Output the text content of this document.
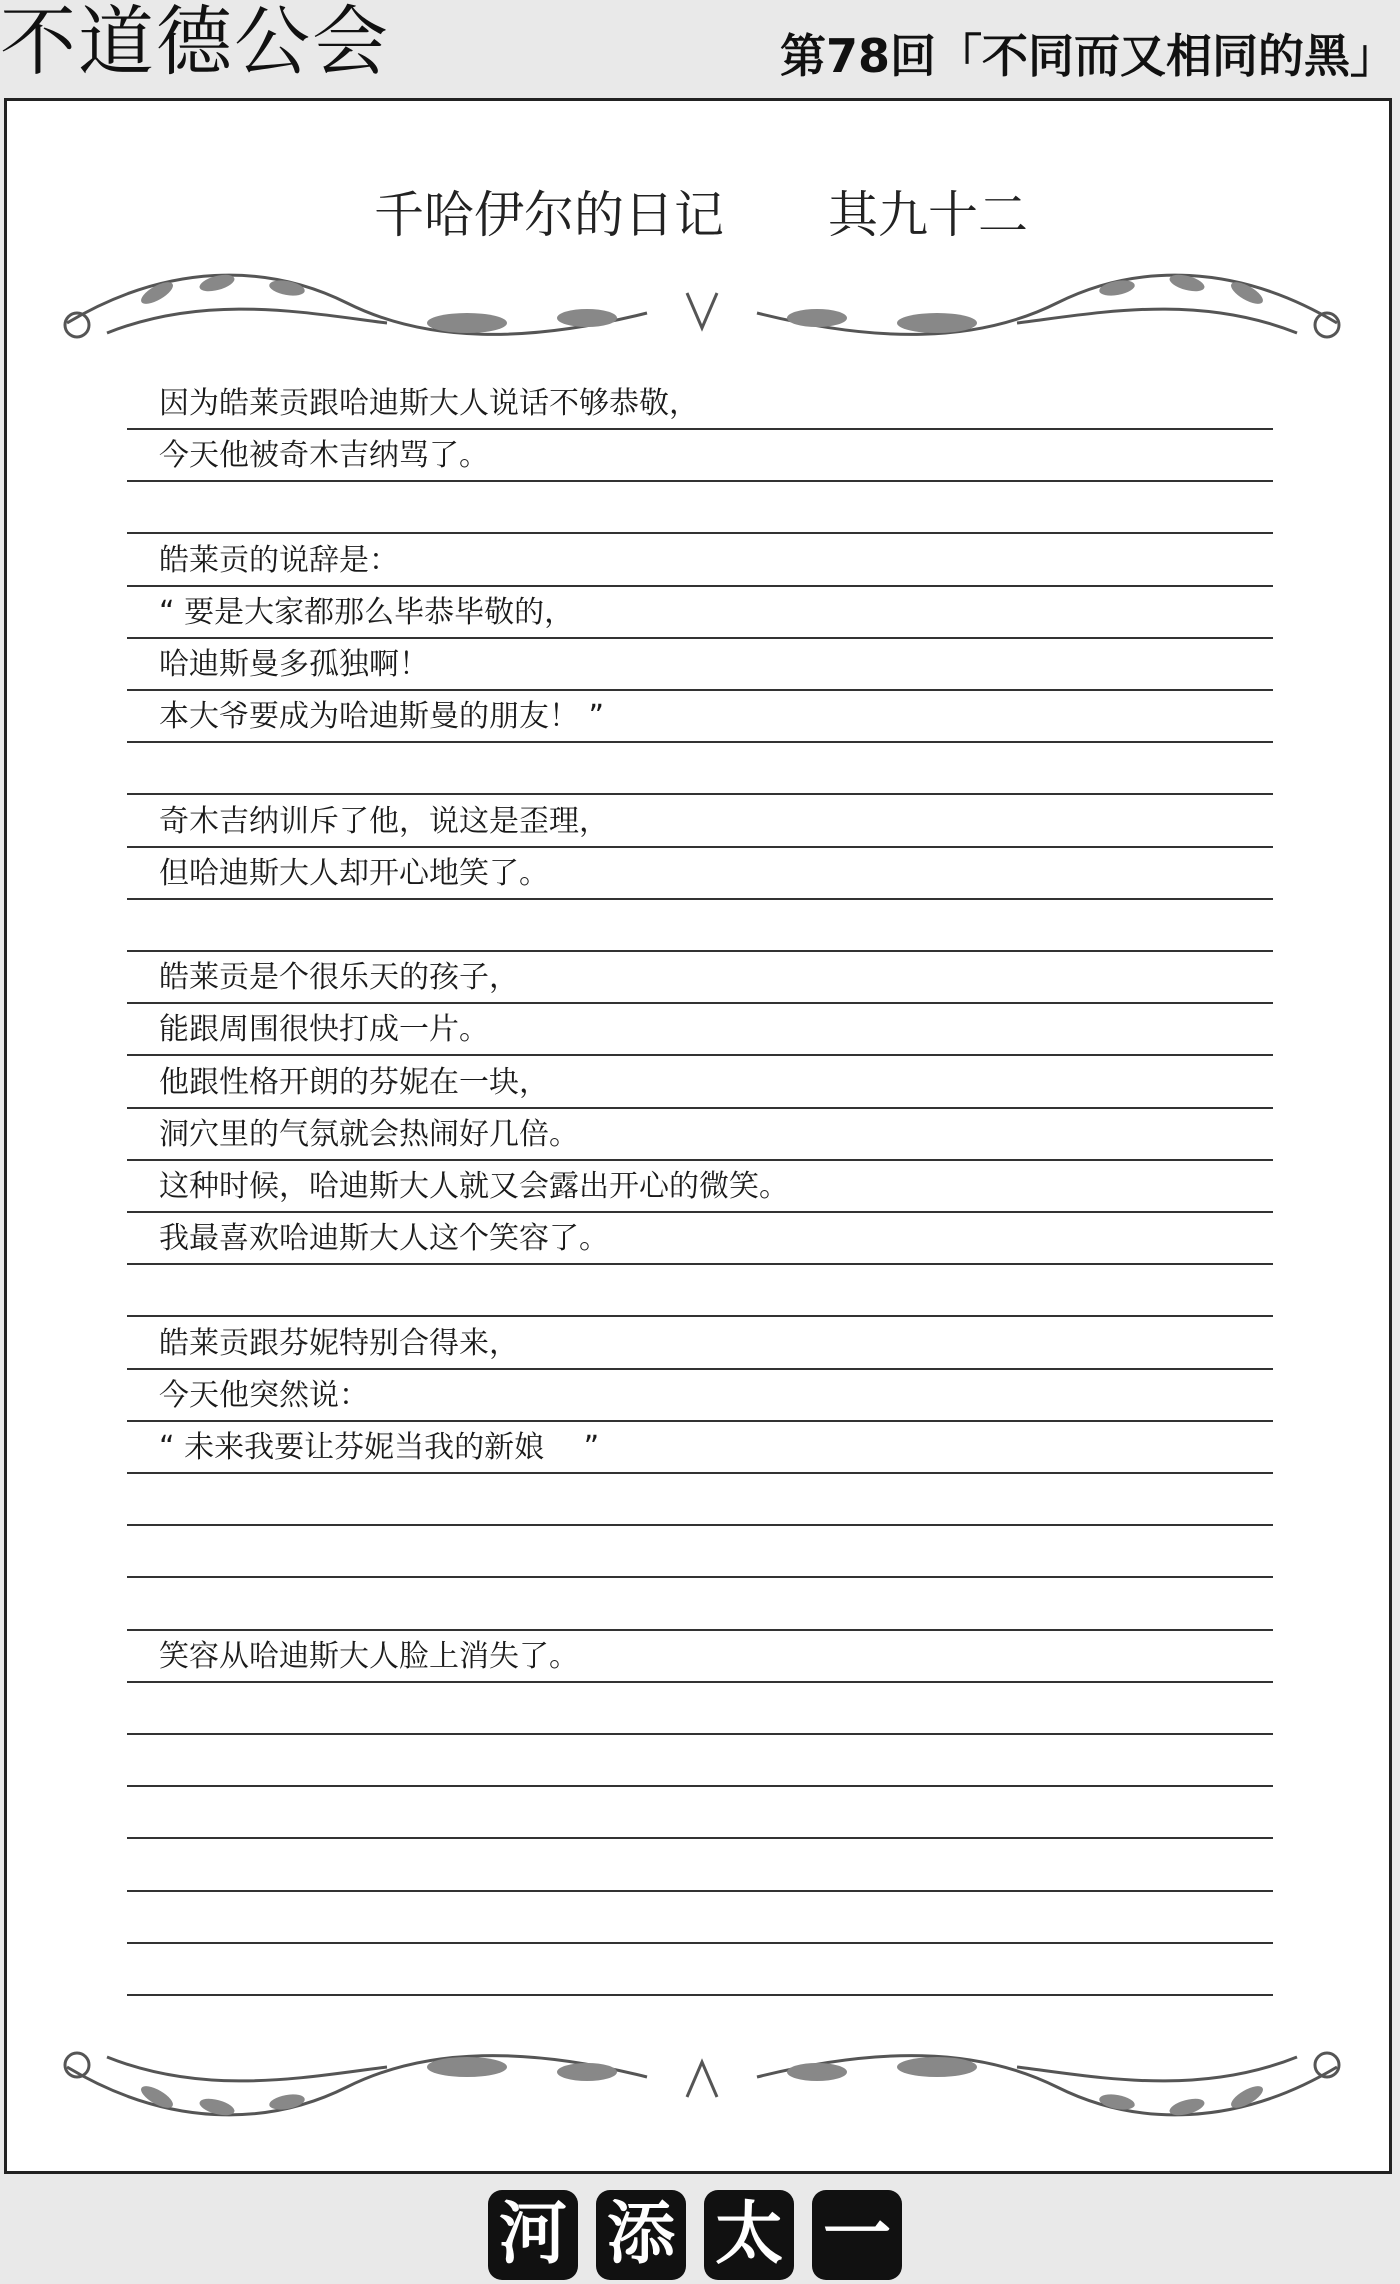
不道德公会	第78回「不同而又相同的黑」
千哈伊尔的日记 其九十二
因为皓莱贡跟哈迪斯大人说话不够恭敬，
今天他被奇木吉纳骂了。
皓莱贡的说辞是：
“ 要是大家都那么毕恭毕敬的，
哈迪斯曼多孤独啊！
本大爷要成为哈迪斯曼的朋友！ ”
奇木吉纳训斥了他，说这是歪理，
但哈迪斯大人却开心地笑了。
皓莱贡是个很乐天的孩子，
能跟周围很快打成一片。
他跟性格开朗的芬妮在一块，
洞穴里的气氛就会热闹好几倍。
这种时候，哈迪斯大人就又会露出开心的微笑。
我最喜欢哈迪斯大人这个笑容了。
皓莱贡跟芬妮特别合得来，
今天他突然说：
“ 未来我要让芬妮当我的新娘　 ”
笑容从哈迪斯大人脸上消失了。
河 添 太 一
